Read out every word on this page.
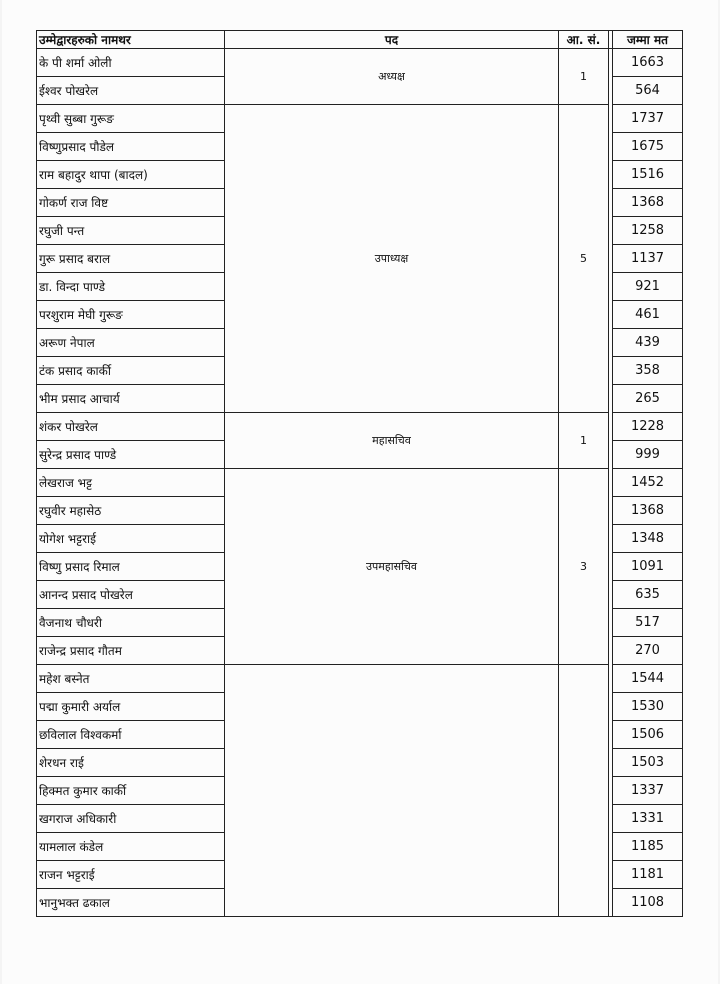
उम्मेद्वारहरुको नामथर	पद	आ. सं.		जम्मा मत
के पी शर्मा ओली	अध्यक्ष	1		1663
ईश्वर पोखरेल				564
पृथ्वी सुब्बा गुरूङ	उपाध्यक्ष	5		1737
विष्णुप्रसाद पौडेल				1675
राम बहादुर थापा (बादल)				1516
गोकर्ण राज विष्ट				1368
रघुजी पन्त				1258
गुरू प्रसाद बराल				1137
डा. विन्दा पाण्डे				921
परशुराम मेघी गुरूङ				461
अरूण नेपाल				439
टंक प्रसाद कार्की				358
भीम प्रसाद आचार्य				265
शंकर पोखरेल	महासचिव	1		1228
सुरेन्द्र प्रसाद पाण्डे				999
लेखराज भट्ट	उपमहासचिव	3		1452
रघुवीर महासेठ				1368
योगेश भट्टराई				1348
विष्णु प्रसाद रिमाल				1091
आनन्द प्रसाद पोखरेल				635
वैजनाथ चौधरी				517
राजेन्द्र प्रसाद गौतम				270
महेश बस्नेत				1544
पद्मा कुमारी अर्याल				1530
छविलाल विश्वकर्मा				1506
शेरधन राई				1503
हिक्मत कुमार कार्की				1337
खगराज अधिकारी				1331
यामलाल कंडेल				1185
राजन भट्टराई				1181
भानुभक्त ढकाल				1108
